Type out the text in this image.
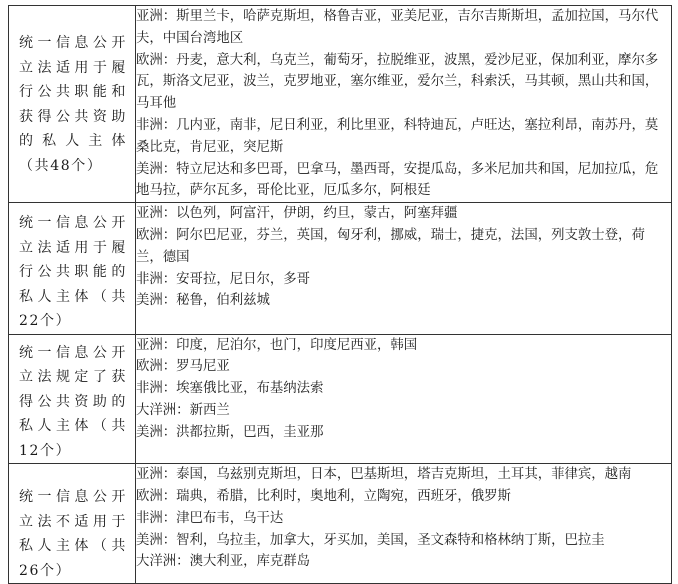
统一信息公开立法适用于履行公共职能和获得公共资助的私人主体（共48个）	亚洲：斯里兰卡，哈萨克斯坦，格鲁吉亚，亚美尼亚，吉尔吉斯斯坦，孟加拉国，马尔代夫，中国台湾地区
欧洲：丹麦，意大利，乌克兰，葡萄牙，拉脱维亚，波黑，爱沙尼亚，保加利亚，摩尔多瓦，斯洛文尼亚，波兰，克罗地亚，塞尔维亚，爱尔兰，科索沃，马其顿，黑山共和国，马耳他
非洲：几内亚，南非，尼日利亚，利比里亚，科特迪瓦，卢旺达，塞拉利昂，南苏丹，莫桑比克，肯尼亚，突尼斯
美洲：特立尼达和多巴哥，巴拿马，墨西哥，安提瓜岛，多米尼加共和国，尼加拉瓜，危地马拉，萨尔瓦多，哥伦比亚，厄瓜多尔，阿根廷

统一信息公开立法适用于履行公共职能的私人主体（共22个）	亚洲：以色列，阿富汗，伊朗，约旦，蒙古，阿塞拜疆
欧洲：阿尔巴尼亚，芬兰，英国，匈牙利，挪威，瑞士，捷克，法国，列支敦士登，荷兰，德国
非洲：安哥拉，尼日尔，多哥
美洲：秘鲁，伯利兹城

统一信息公开立法规定了获得公共资助的私人主体（共12个）	亚洲：印度，尼泊尔，也门，印度尼西亚，韩国
欧洲：罗马尼亚
非洲：埃塞俄比亚，布基纳法索
大洋洲：新西兰
美洲：洪都拉斯，巴西，圭亚那

统一信息公开立法不适用于私人主体（共26个）	亚洲：泰国，乌兹别克斯坦，日本，巴基斯坦，塔吉克斯坦，土耳其，菲律宾，越南
欧洲：瑞典，希腊，比利时，奥地利，立陶宛，西班牙，俄罗斯
非洲：津巴布韦，乌干达
美洲：智利，乌拉圭，加拿大，牙买加，美国，圣文森特和格林纳丁斯，巴拉圭
大洋洲：澳大利亚，库克群岛
